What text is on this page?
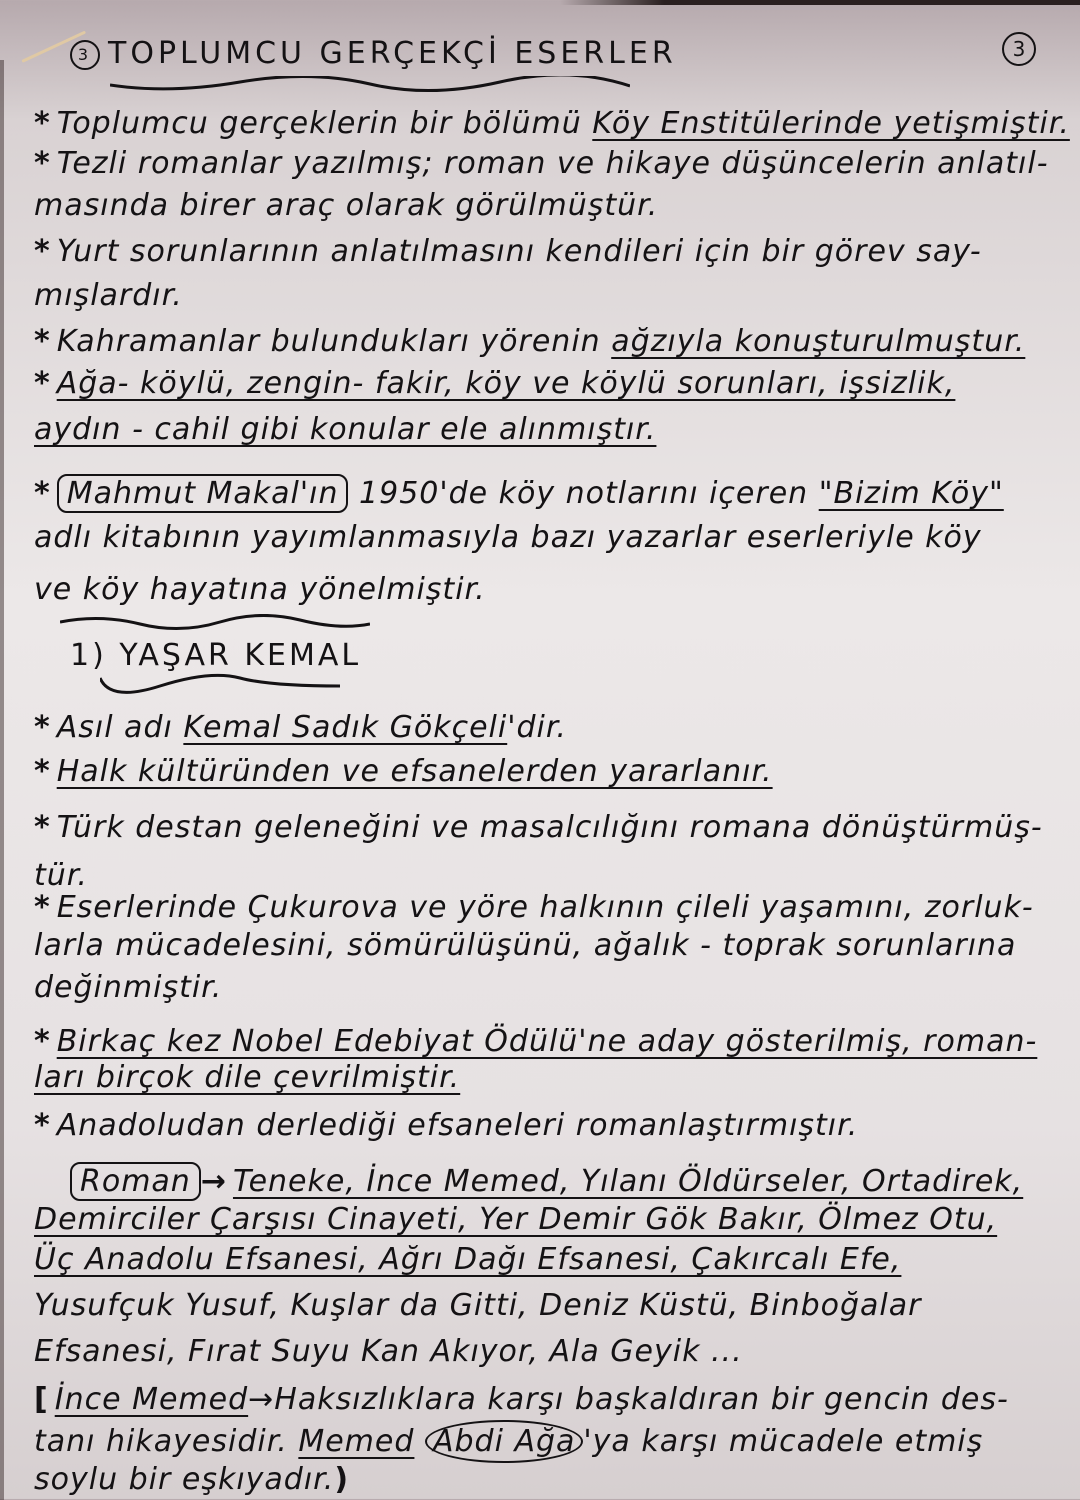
3 TOPLUMCU GERÇEKÇİ ESERLER	3
* Toplumcu gerçeklerin bir bölümü Köy Enstitülerinde yetişmiştir.
* Tezli romanlar yazılmış; roman ve hikaye düşüncelerin anlatıl-
masında birer araç olarak görülmüştür.
* Yurt sorunlarının anlatılmasını kendileri için bir görev say-
mışlardır.
* Kahramanlar bulundukları yörenin ağzıyla konuşturulmuştur.
* Ağa- köylü, zengin- fakir, köy ve köylü sorunları, işsizlik,
aydın - cahil gibi konular ele alınmıştır.
* Mahmut Makal'ın 1950'de köy notlarını içeren "Bizim Köy"
adlı kitabının yayımlanmasıyla bazı yazarlar eserleriyle köy
ve köy hayatına yönelmiştir.
1) YAŞAR KEMAL
* Asıl adı Kemal Sadık Gökçeli'dir.
* Halk kültüründen ve efsanelerden yararlanır.
* Türk destan geleneğini ve masalcılığını romana dönüştürmüş-
tür.
* Eserlerinde Çukurova ve yöre halkının çileli yaşamını, zorluk-
larla mücadelesini, sömürülüşünü, ağalık - toprak sorunlarına
değinmiştir.
* Birkaç kez Nobel Edebiyat Ödülü'ne aday gösterilmiş, roman-
ları birçok dile çevrilmiştir.
* Anadoludan derlediği efsaneleri romanlaştırmıştır.
Roman → Teneke, İnce Memed, Yılanı Öldürseler, Ortadirek,
Demirciler Çarşısı Cinayeti, Yer Demir Gök Bakır, Ölmez Otu,
Üç Anadolu Efsanesi, Ağrı Dağı Efsanesi, Çakırcalı Efe,
Yusufçuk Yusuf, Kuşlar da Gitti, Deniz Küstü, Binboğalar
Efsanesi, Fırat Suyu Kan Akıyor, Ala Geyik ...
[ İnce Memed→Haksızlıklara karşı başkaldıran bir gencin des-
tanı hikayesidir. Memed Abdi Ağa 'ya karşı mücadele etmiş
soylu bir eşkıyadır.)
